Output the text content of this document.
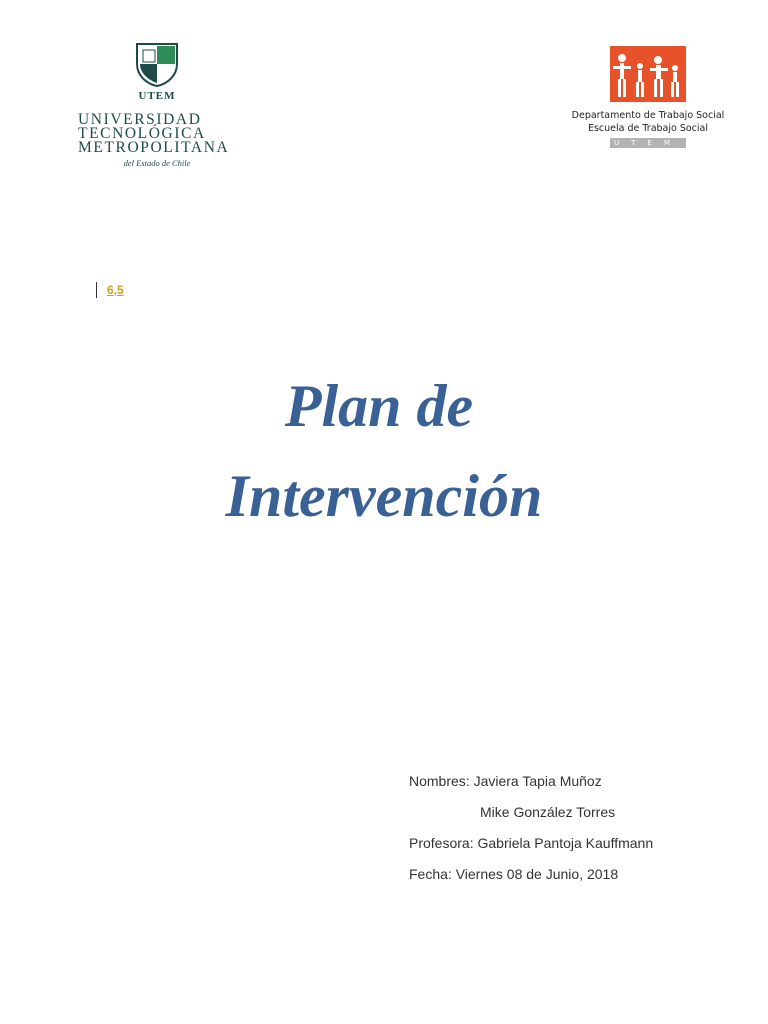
UTEM
UNIVERSIDAD
TECNOLÓGICA
METROPOLITANA
del Estado de Chile
Departamento de Trabajo Social
Escuela de Trabajo Social
UTEM
6,5
Plan de
Intervención
Nombres: Javiera Tapia Muñoz
Mike González Torres
Profesora: Gabriela Pantoja Kauffmann
Fecha: Viernes 08 de Junio, 2018
